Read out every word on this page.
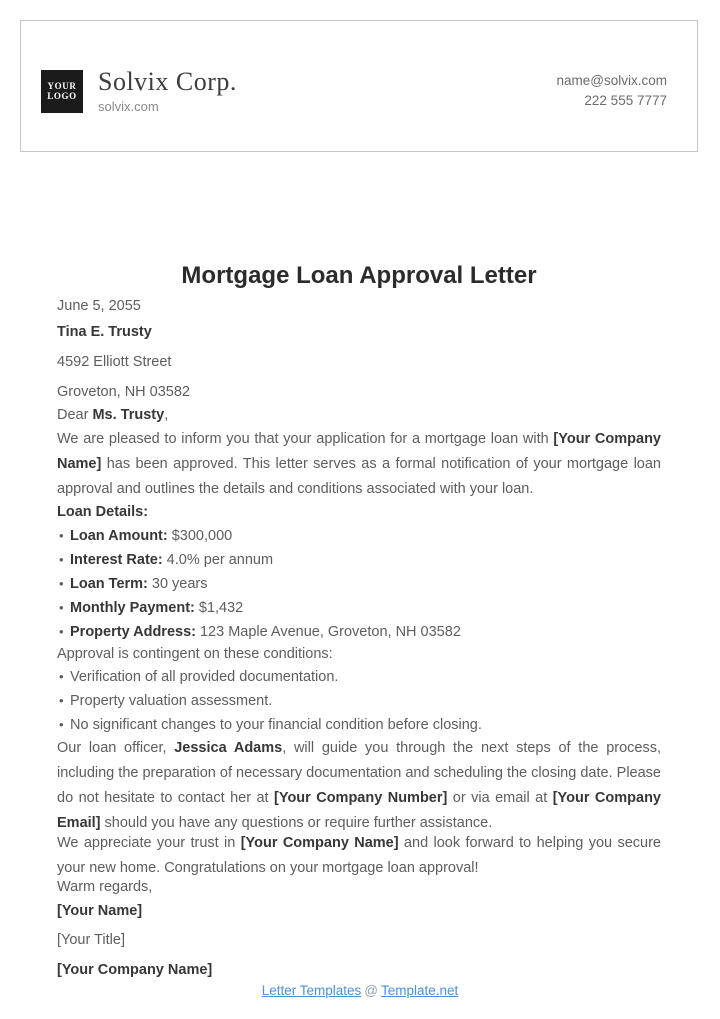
YOUR
LOGO Solvix Corp.
solvix.com
name@solvix.com
222 555 7777
Mortgage Loan Approval Letter
June 5, 2055
Tina E. Trusty
4592 Elliott Street
Groveton, NH 03582
Dear Ms. Trusty,

We are pleased to inform you that your application for a mortgage loan with [Your Company Name] has been approved. This letter serves as a formal notification of your mortgage loan approval and outlines the details and conditions associated with your loan.

Loan Details:
• Loan Amount: $300,000
• Interest Rate: 4.0% per annum
• Loan Term: 30 years
• Monthly Payment: $1,432
• Property Address: 123 Maple Avenue, Groveton, NH 03582
Approval is contingent on these conditions:
• Verification of all provided documentation.
• Property valuation assessment.
• No significant changes to your financial condition before closing.

Our loan officer, Jessica Adams, will guide you through the next steps of the process, including the preparation of necessary documentation and scheduling the closing date. Please do not hesitate to contact her at [Your Company Number] or via email at [Your Company Email] should you have any questions or require further assistance.

We appreciate your trust in [Your Company Name] and look forward to helping you secure your new home. Congratulations on your mortgage loan approval!

Warm regards,
[Your Name]
[Your Title]
[Your Company Name]
Letter Templates @ Template.net
